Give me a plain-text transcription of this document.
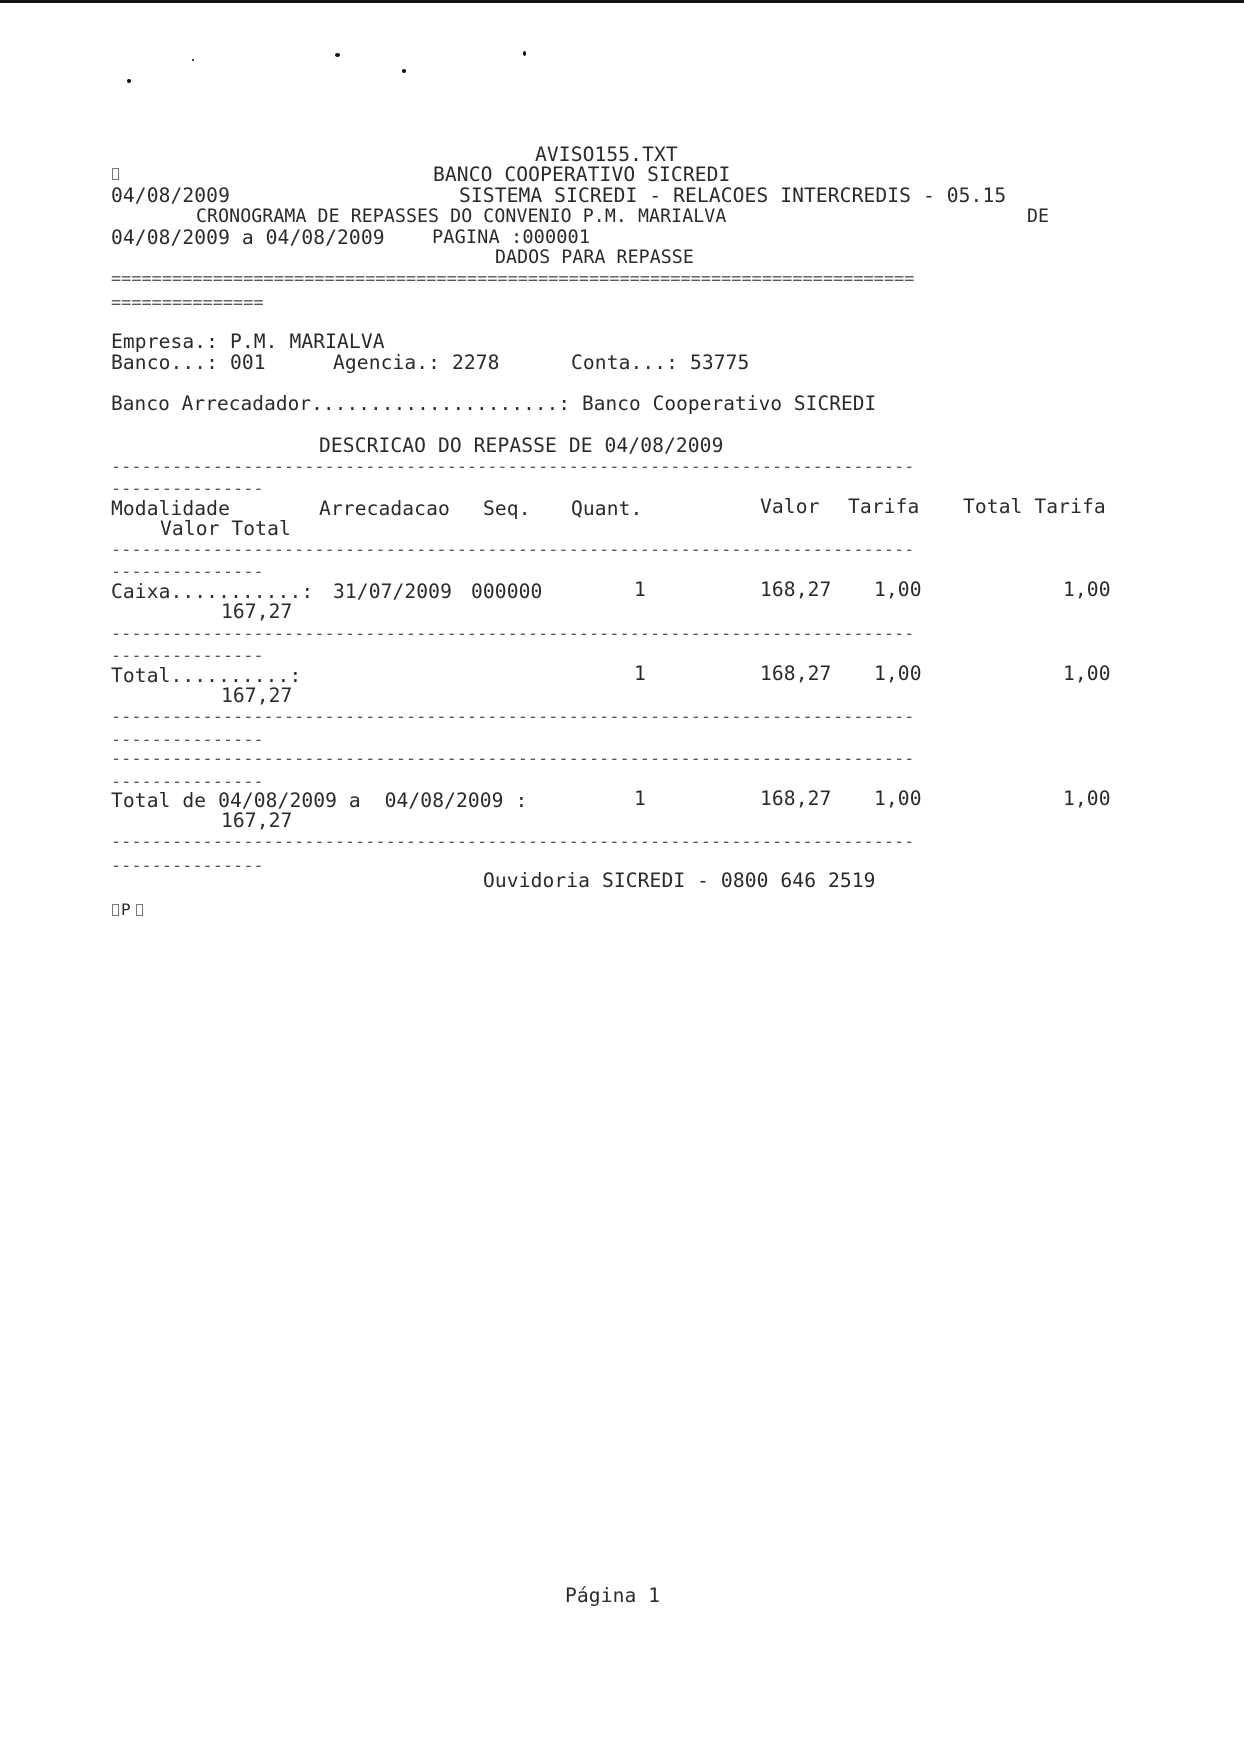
AVISO155.TXT
BANCO COOPERATIVO SICREDI
04/08/2009	SISTEMA SICREDI - RELACOES INTERCREDIS - 05.15
CRONOGRAMA DE REPASSES DO CONVENIO P.M. MARIALVA	DE
04/08/2009 a 04/08/2009	PAGINA :000001
DADOS PARA REPASSE
===============================================================================
===============
Empresa.: P.M. MARIALVA
Banco...: 001	Agencia.: 2278	Conta...: 53775
Banco Arrecadador.....................: Banco Cooperativo SICREDI
DESCRICAO DO REPASSE DE 04/08/2009
-------------------------------------------------------------------------------
---------------
Modalidade	Arrecadacao Seq. Quant.	Valor Tarifa Total Tarifa
Valor Total
-------------------------------------------------------------------------------
---------------
Caixa...........: 31/07/2009 000000	1	168,27 1,00	1,00
167,27
-------------------------------------------------------------------------------
---------------
Total..........:	1	168,27 1,00	1,00
167,27
-------------------------------------------------------------------------------
---------------
-------------------------------------------------------------------------------
---------------
Total de 04/08/2009 a  04/08/2009 :	1	168,27 1,00	1,00
167,27
-------------------------------------------------------------------------------
---------------
Ouvidoria SICREDI - 0800 646 2519
P
Página 1
